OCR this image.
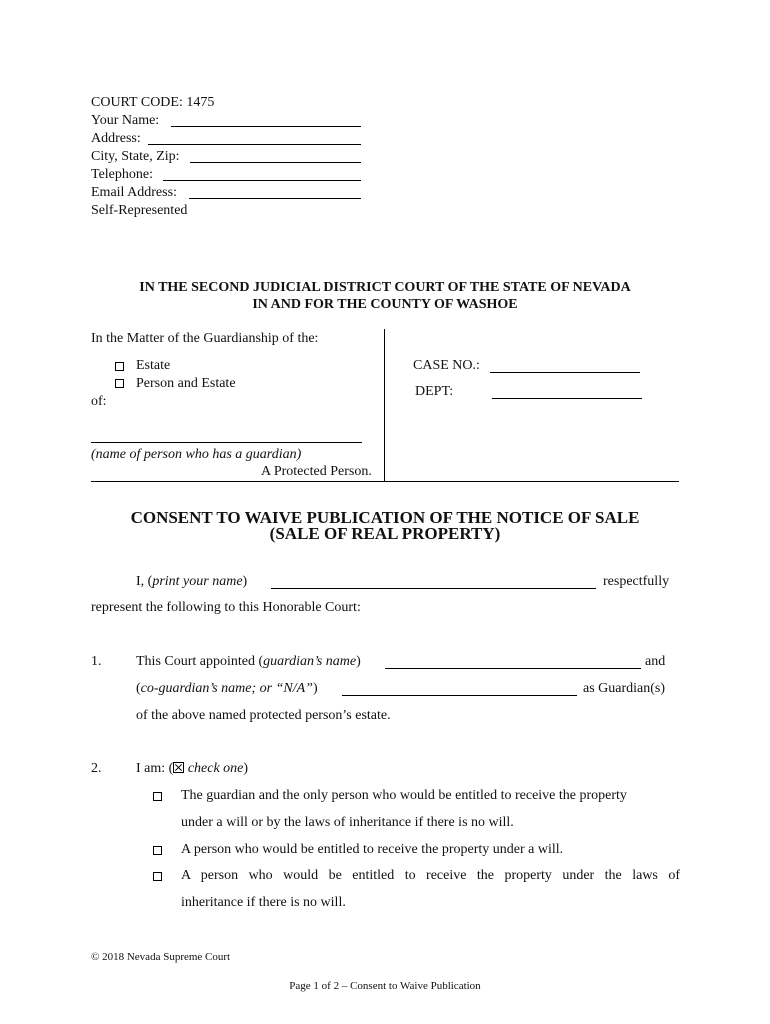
COURT CODE: 1475
Your Name:
Address:
City, State, Zip:
Telephone:
Email Address:
Self-Represented
IN THE SECOND JUDICIAL DISTRICT COURT OF THE STATE OF NEVADA
IN AND FOR THE COUNTY OF WASHOE
In the Matter of the Guardianship of the:
Estate
Person and Estate
of:
(name of person who has a guardian)
A Protected Person.
CASE NO.:
DEPT:
CONSENT TO WAIVE PUBLICATION OF THE NOTICE OF SALE
(SALE OF REAL PROPERTY)
I, (print your name)	respectfully
represent the following to this Honorable Court:
1. This Court appointed (guardian’s name)	and
(co-guardian’s name; or “N/A”)	as Guardian(s)
of the above named protected person’s estate.
2. I am: ( check one)
The guardian and the only person who would be entitled to receive the property
under a will or by the laws of inheritance if there is no will.
A person who would be entitled to receive the property under a will.
A person who would be entitled to receive the property under the laws of
inheritance if there is no will.
© 2018 Nevada Supreme Court
Page 1 of 2 – Consent to Waive Publication
